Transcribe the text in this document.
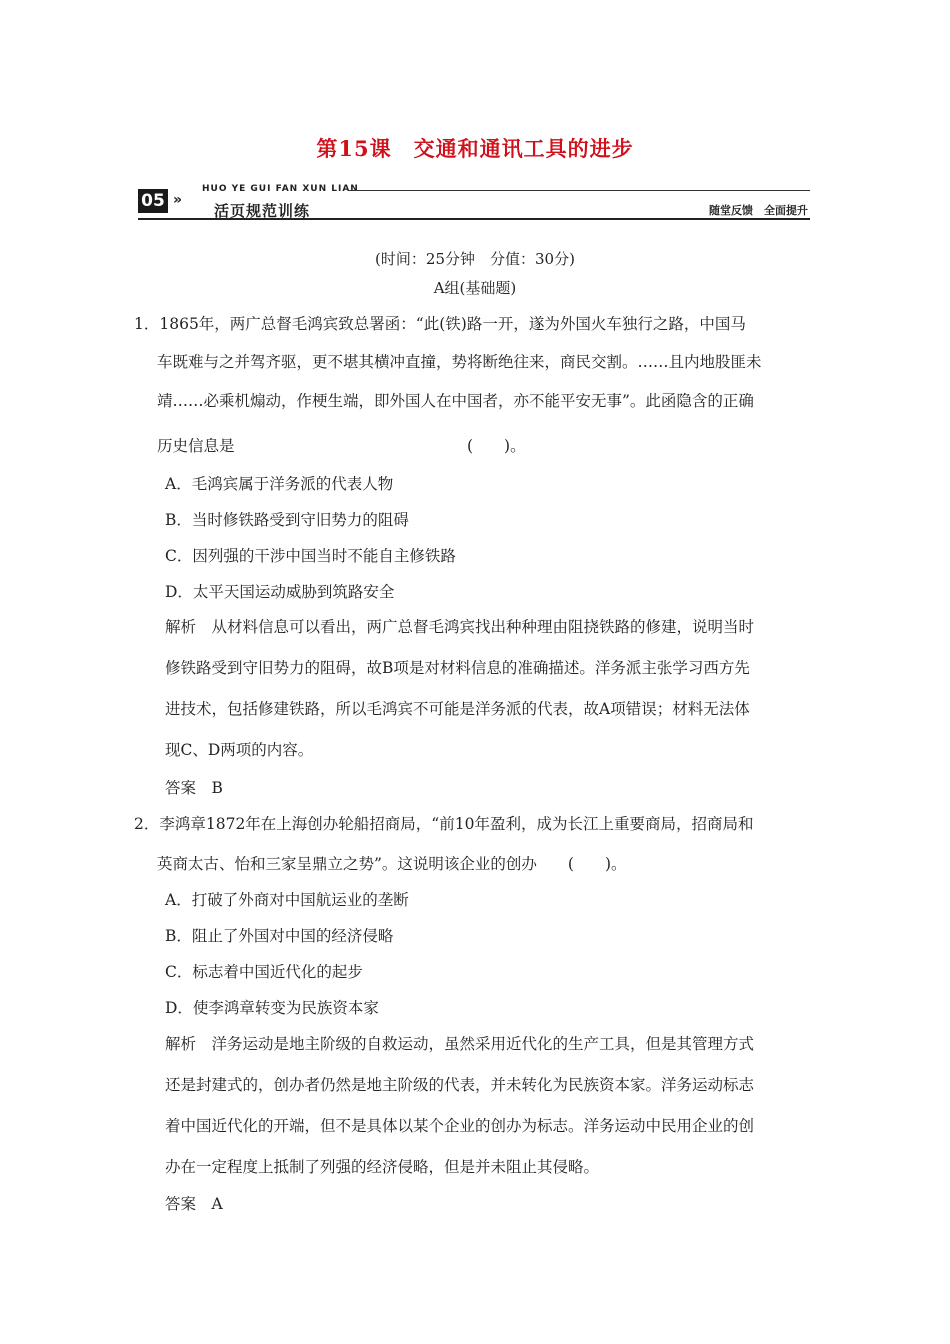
第15课　交通和通讯工具的进步
05 »
HUO YE GUI FAN XUN LIAN
活页规范训练	随堂反馈　全面提升
(时间：25分钟　分值：30分)
A组(基础题)
1．1865年，两广总督毛鸿宾致总署函：“此(铁)路一开，遂为外国火车独行之路，中国马
车既难与之并驾齐驱，更不堪其横冲直撞，势将断绝往来，商民交割。……且内地股匪未
靖……必乘机煽动，作梗生端，即外国人在中国者，亦不能平安无事”。此函隐含的正确
历史信息是　　　　　　　　　　　　　　　(　　)。
A．毛鸿宾属于洋务派的代表人物
B．当时修铁路受到守旧势力的阻碍
C．因列强的干涉中国当时不能自主修铁路
D．太平天国运动威胁到筑路安全
解析　从材料信息可以看出，两广总督毛鸿宾找出种种理由阻挠铁路的修建，说明当时
修铁路受到守旧势力的阻碍，故B项是对材料信息的准确描述。洋务派主张学习西方先
进技术，包括修建铁路，所以毛鸿宾不可能是洋务派的代表，故A项错误；材料无法体
现C、D两项的内容。
答案　B
2．李鸿章1872年在上海创办轮船招商局，“前10年盈利，成为长江上重要商局，招商局和
英商太古、怡和三家呈鼎立之势”。这说明该企业的创办　　(　　)。
A．打破了外商对中国航运业的垄断
B．阻止了外国对中国的经济侵略
C．标志着中国近代化的起步
D．使李鸿章转变为民族资本家
解析　洋务运动是地主阶级的自救运动，虽然采用近代化的生产工具，但是其管理方式
还是封建式的，创办者仍然是地主阶级的代表，并未转化为民族资本家。洋务运动标志
着中国近代化的开端，但不是具体以某个企业的创办为标志。洋务运动中民用企业的创
办在一定程度上抵制了列强的经济侵略，但是并未阻止其侵略。
答案　A
